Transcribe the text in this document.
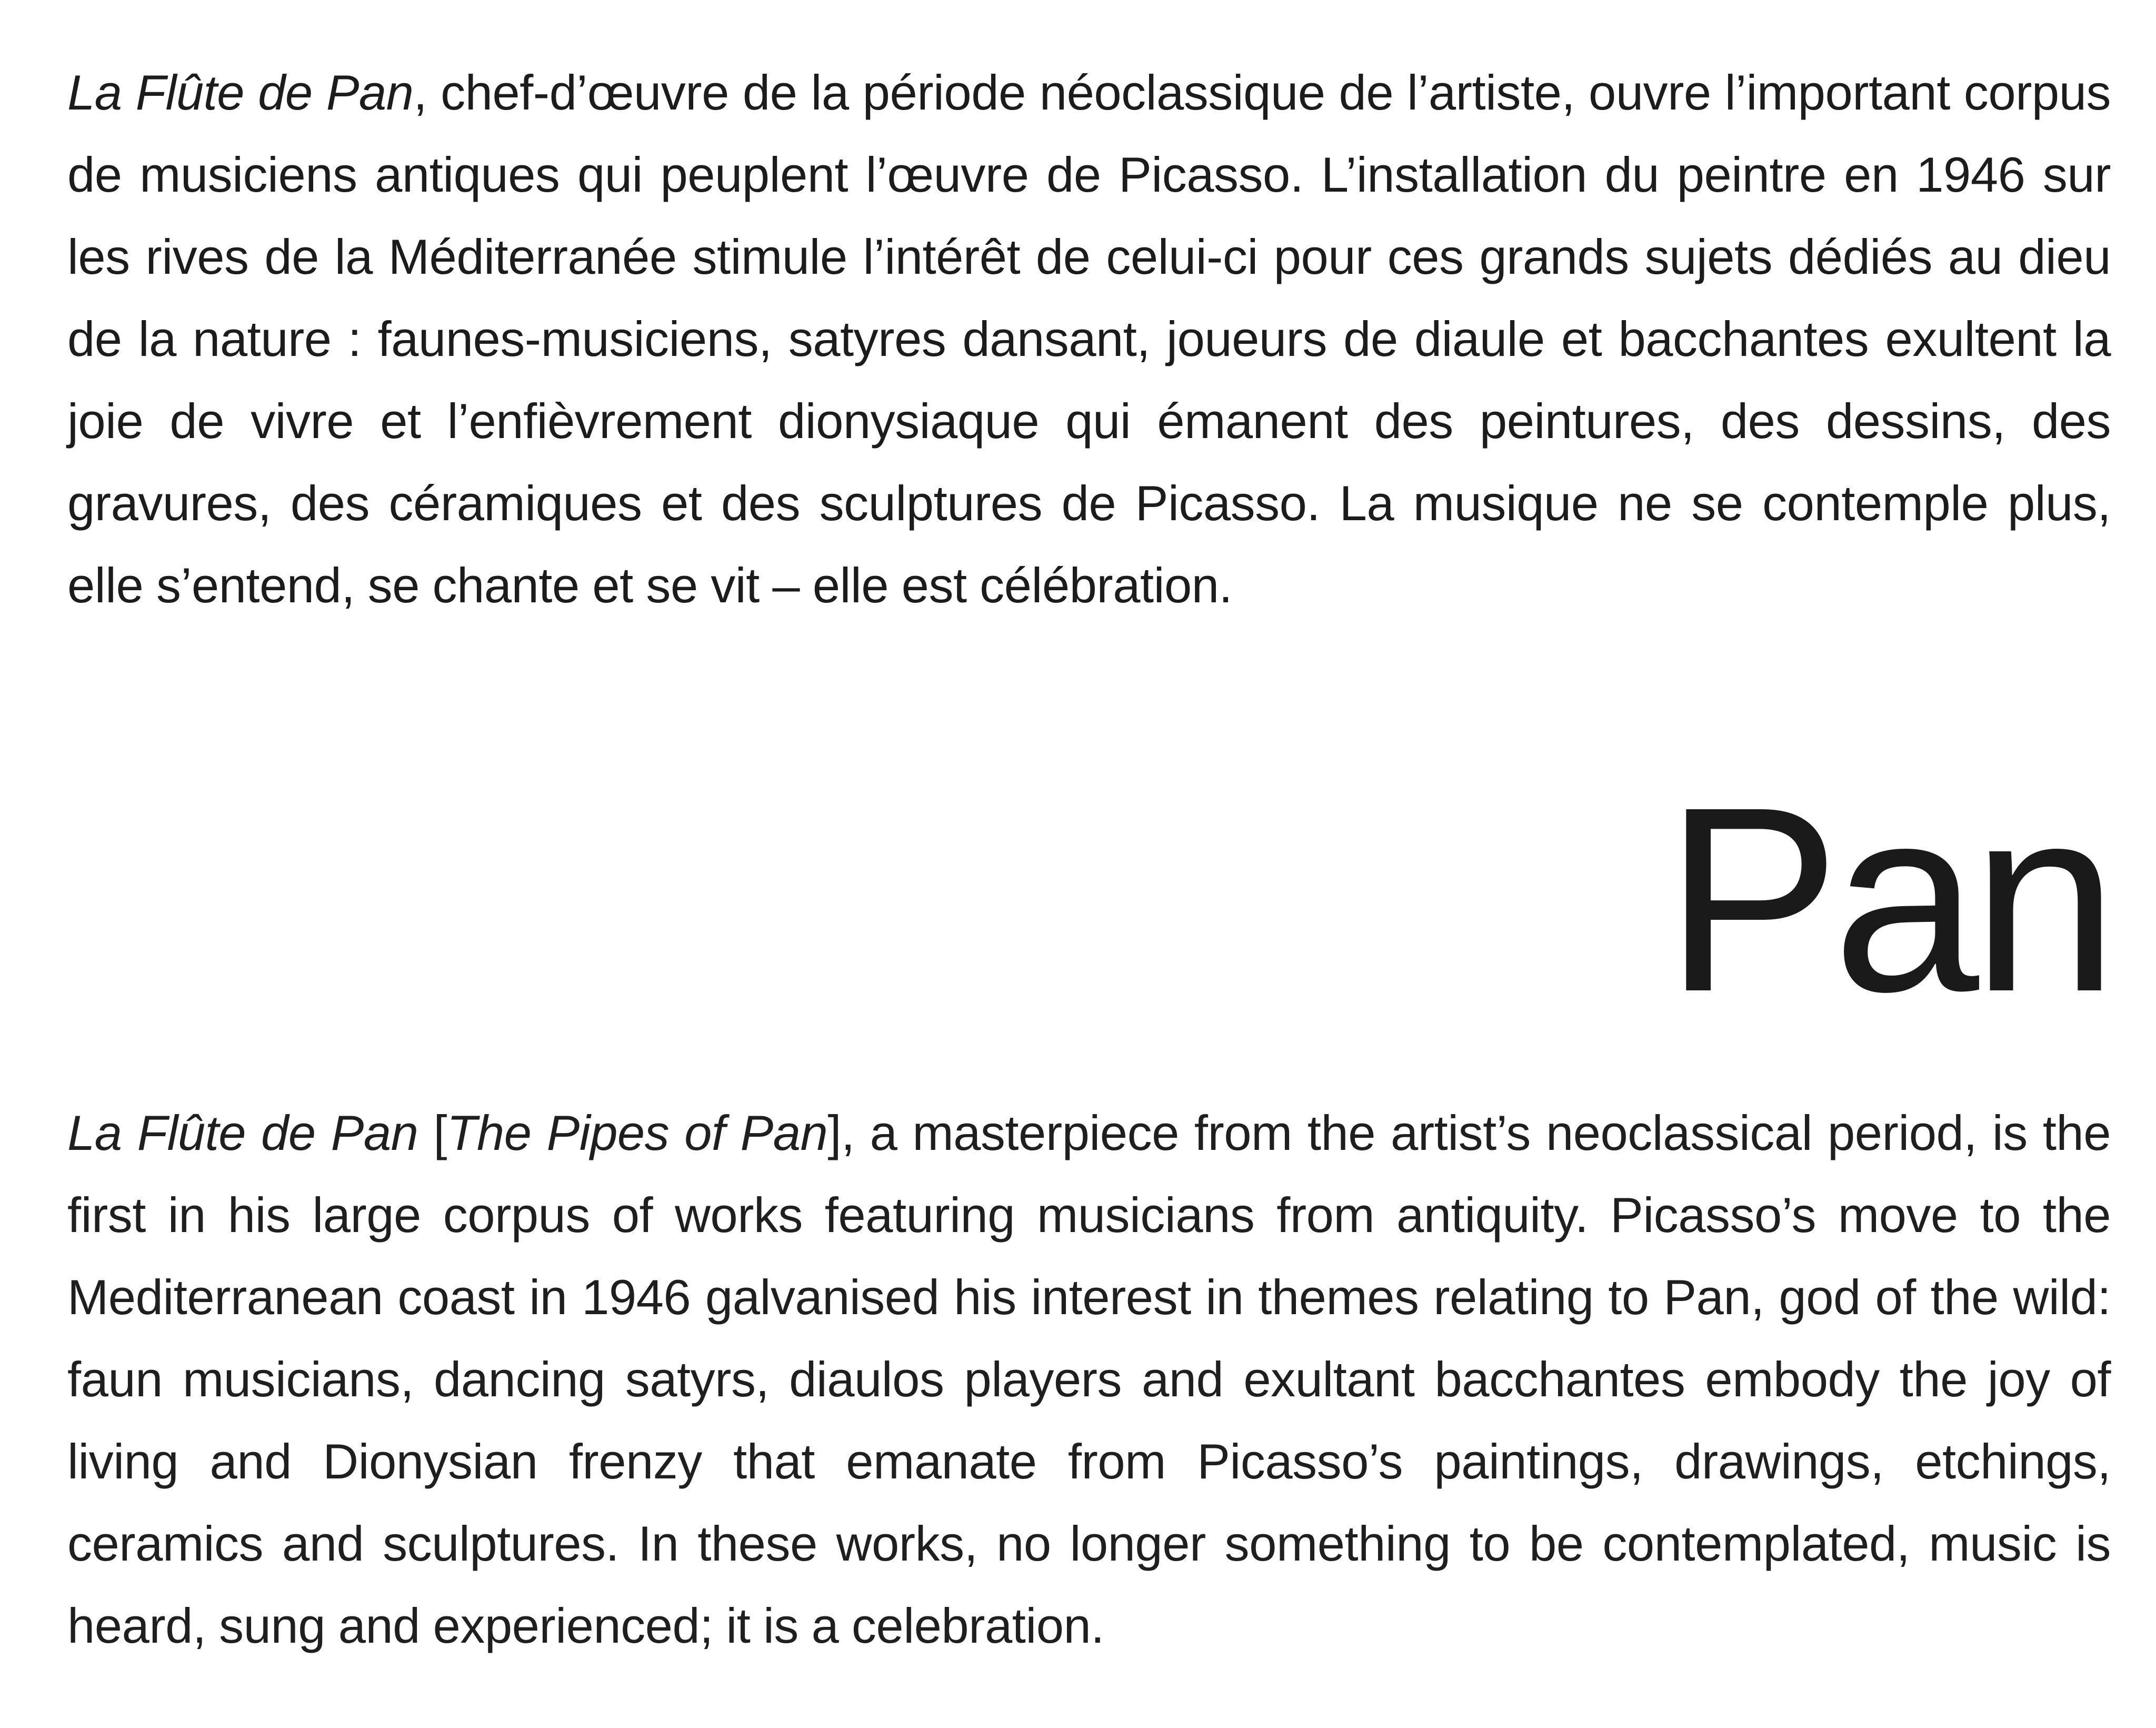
La Flûte de Pan, chef-d’œuvre de la période néoclassique de l’artiste, ouvre l’important corpus de musiciens antiques qui peuplent l’œuvre de Picasso. L’installation du peintre en 1946 sur les rives de la Méditerranée stimule l’intérêt de celui-ci pour ces grands sujets dédiés au dieu de la nature : faunes-musiciens, satyres dansant, joueurs de diaule et bacchantes exultent la joie de vivre et l’enfièvrement dionysiaque qui émanent des peintures, des dessins, des gravures, des céramiques et des sculptures de Picasso. La musique ne se contemple plus, elle s’entend, se chante et se vit – elle est célébration.

Pan

La Flûte de Pan [The Pipes of Pan], a masterpiece from the artist’s neoclassical period, is the first in his large corpus of works featuring musicians from antiquity. Picasso’s move to the Mediterranean coast in 1946 galvanised his interest in themes relating to Pan, god of the wild: faun musicians, dancing satyrs, diaulos players and exultant bacchantes embody the joy of living and Dionysian frenzy that emanate from Picasso’s paintings, drawings, etchings, ceramics and sculptures. In these works, no longer something to be contemplated, music is heard, sung and experienced; it is a celebration.
